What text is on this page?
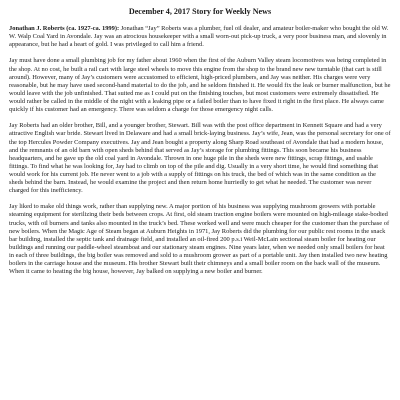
December 4, 2017 Story for Weekly News

Jonathan J. Roberts (ca. 1927-ca. 1999): Jonathan “Jay” Roberts was a plumber, fuel oil dealer, and amateur boiler-maker who bought the old W. W. Walp Coal Yard in Avondale. Jay was an atrocious housekeeper with a small worn-out pick-up truck, a very poor business man, and slovenly in appearance, but he had a heart of gold. I was privileged to call him a friend.

Jay must have done a small plumbing job for my father about 1960 when the first of the Auburn Valley steam locomotives was being completed in the shop. At no cost, he built a rail cart with large steel wheels to move this engine from the shop to the brand new new turntable (that cart is still around). However, many of Jay’s customers were accustomed to efficient, high-priced plumbers, and Jay was neither. His charges were very reasonable, but he may have used second-hand material to do the job, and he seldom finished it. He would fix the leak or burner malfunction, but he would leave with the job unfinished. That suited me as I could put on the finishing touches, but most customers were extremely dissatisfied. He would rather be called in the middle of the night with a leaking pipe or a failed boiler than to have fixed it right in the first place. He always came quickly if his customer had an emergency. There was seldom a charge for those emergency night calls.

Jay Roberts had an older brother, Bill, and a younger brother, Stewart. Bill was with the post office department in Kennett Square and had a very attractive English war bride. Stewart lived in Delaware and had a small brick-laying business. Jay’s wife, Jean, was the personal secretary for one of the top Hercules Powder Company executives. Jay and Jean bought a property along Sharp Road southeast of Avondale that had a modern house, and the remnants of an old barn with open sheds behind that served as Jay’s storage for plumbing fittings. This soon became his business headquarters, and he gave up the old coal yard in Avondale. Thrown in one huge pile in the sheds were new fittings, scrap fittings, and usable fittings. To find what he was looking for, Jay had to climb on top of the pile and dig. Usually in a very short time, he would find something that would work for his current job. He never went to a job with a supply of fittings on his truck, the bed of which was in the same condition as the sheds behind the barn. Instead, he would examine the project and then return home hurriedly to get what he needed. The customer was never charged for this inefficiency.

Jay liked to make old things work, rather than supplying new. A major portion of his business was supplying mushroom growers with portable steaming equipment for sterilizing their beds between crops. At first, old steam traction engine boilers were mounted on high-mileage stake-bodied trucks, with oil burners and tanks also mounted in the truck’s bed. These worked well and were much cheaper for the customer than the purchase of new boilers. When the Magic Age of Steam began at Auburn Heights in 1971, Jay Roberts did the plumbing for our public rest rooms in the snack bar building, installed the septic tank and drainage field, and installed an oil-fired 200 p.s.i Weil-McLain sectional steam boiler for heating our buildings and running our paddle-wheel steamboat and our stationary steam engines. Nine years later, when we needed only small boilers for heat in each of three buildings, the big boiler was removed and sold to a mushroom grower as part of a portable unit. Jay then installed two new heating boilers in the carriage house and the museum. His brother Stewart built their chimneys and a small boiler room on the back wall of the museum. When it came to heating the big house, however, Jay balked on supplying a new boiler and burner.
